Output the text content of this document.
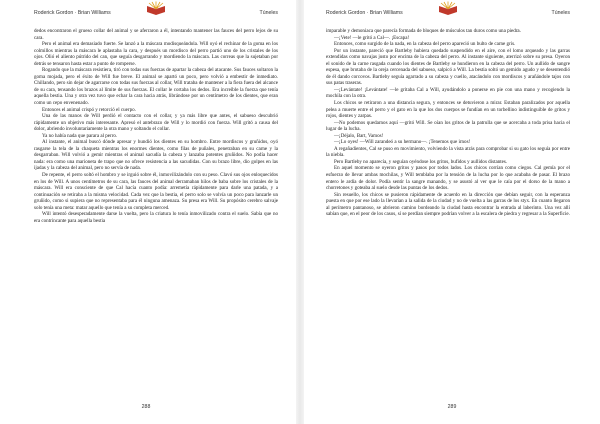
Roderick Gordon · Brian Williams	Túneles

dedos encontraron el grueso collar del animal y se aferraron a él, intentando mantener las fauces del perro lejos de su cara.

Pero el animal era demasiado fuerte. Se lanzó a la máscara modisqueándola. Will oyó el rechinar de la goma en los colmillos mientras la máscara le aplastaba la cara, y después un mordisco del perro partió uno de los cristales de los ojos. Olió el aliento pútrido del can, que seguía desgarrando y mordiendo la máscara. Las correas que la sujetaban por detrás se tensaron hasta estar a punto de romperse.

Rogando que la máscara resistiera, tiró con todas sus fuerzas de apartar la cabeza del atacante. Sus fauces soltaron la goma mojada, pero el éxito de Will fue breve. El animal se apartó un poco, pero volvió a embestir de inmediato. Chillando, pero sin dejar de agarrarse con todas sus fuerzas al collar, Will trataba de mantener a la fiera fuera del alcance de su cara, tensando los brazos al límite de sus fuerzas. El collar le cortaba los dedos. Era increíble la fuerza que tenía aquella bestia. Una y otra vez tuvo que echar la cara hacia atrás, librándose por un centímetro de los dientes, que eran como un cepo envenenado.

Entonces el animal crispó y retorció el cuerpo.

Una de las manos de Will perdió el contacto con el collar, y ya más libre que antes, el sabueso descubrió rápidamente un objetivo más interesante. Apresó el antebrazo de Will y lo mordió con fuerza. Will gritó a causa del dolor, abriendo involuntariamente la otra mano y soltando el collar.

Ya no había nada que parara al perro.

Al instante, el animal buscó dónde apresar y hundió los dientes en su hombro. Entre mordiscos y gruñidos, oyó rasgarse la tela de la chaqueta mientras los enormes dientes, como filas de puñales, penetraban en su carne y la desgarraban. Will volvió a gemir mientras el animal sacudía la cabeza y lanzaba potentes gruñidos. No podía hacer nada: era como una marioneta de trapo que no ofrece resistencia a las sacudidas. Con su brazo libre, dio golpes en las ijadas y la cabeza del animal, pero no servía de nada.

De repente, el perro soltó el hombro y se irguió sobre él, inmovilizándolo con su peso. Clavó sus ojos enloquecidos en los de Will. A unos centímetros de su cara, las fauces del animal derramaban hilos de baba sobre los cristales de la máscara. Will era consciente de que Cal hacía cuanto podía: arremetía rápidamente para darle una patada, y a continuación se retiraba a la misma velocidad. Cada vez que la bestia, el perro solo se volvía un poco para lanzarle un gruñido, como si supiera que no representaba para él ninguna amenaza. Su presa era Will. Su propósito cerebro salvaje solo tenía una meta: matar aquello que tenía a su completa merced.

Will intentó desesperadamente darse la vuelta, pero la criatura lo tenía inmovilizado contra el suelo. Sabía que no era contrincante para aquella bestia

288
Roderick Gordon · Brian Williams	Túneles

imparable y demoniaca que parecía formada de bloques de músculos tan duros como una piedra.

—¡Vete! —le gritó a Cal—. ¡Escapa!

Entonces, como surgido de la nada, en la cabeza del perro apareció un bulto de carne gris.

Por un instante, pareció que Bartleby hubiera quedado suspendido en el aire, con el lomo arqueado y las garras extendidas como navajas justo por encima de la cabeza del perro. Al instante siguiente, aterrizó sobre su presa. Oyeron el sonido de la carne rasgada cuando los dientes de Bartleby se hundieron en la cabeza del perro. Un aullido de sangre espesa, que brotaba de la oreja cercenada del sabueso, salpicó a Will. La bestia soltó un gemido agudo y se desentendió de él dando corcovos. Bartleby seguía agarrado a su cabeza y cuello, atacándolo con mordiscos y arañándole tajos con sus patas traseras.

—¡Levántate! ¡Levántate! —le gritaba Cal a Will, ayudándolo a ponerse en pie con una mano y recogiendo la mochila con la otra.

Los chicos se retiraron a una distancia segura, y entonces se detuvieron a mirar. Estaban paralizados por aquella pelea a muerte entre el perro y el gato en la que los dos cuerpos se fundían en un torbellino indistinguible de gritos y rojos, dientes y zarpas.

—No podemos quedarnos aquí —gritó Will. Se oían los gritos de la patrulla que se acercaba a toda prisa hacia el lugar de la lucha.

—¡Déjalo, Bart, Vamos!

—¡Lo oyes! —Will zarandeó a su hermano—. ¡Tenemos que irnos!

A regañadientes, Cal se puso en movimiento, volviendo la vista atrás para comprobar si su gato los seguía por entre la niebla.

Pero Bartleby no aparecía, y seguían oyéndose los gritos, bufidos y aullidos distantes.

En aquel momento se oyeron gritos y pasos por todos lados. Los chicos corrían como ciegos. Cal gemía por el esfuerzo de llevar ambas mochilas, y Will temblaba por la tensión de la lucha por lo que acababa de pasar. El brazo entero le ardía de dolor. Podía sentir la sangre manando, y se asustó al ver que le caía por el dorso de la mano a chorretones y goteaba al suelo desde las puntas de los dedos.

Sin resuello, los chicos se pusieron rápidamente de acuerdo en la dirección que debían seguir, con la esperanza puesta en que por ese lado la llevarían a la salida de la ciudad y no de vuelta a las garras de los styx. En cuanto llegaron al perímetro pantanoso, se abrieron camino bordeando la ciudad hasta encontrar la entrada al laberinto. Una vez allí sabían que, en el peor de los casos, sí se perdían siempre podrían volver a la escalera de piedra y regresar a la Superficie.

289
